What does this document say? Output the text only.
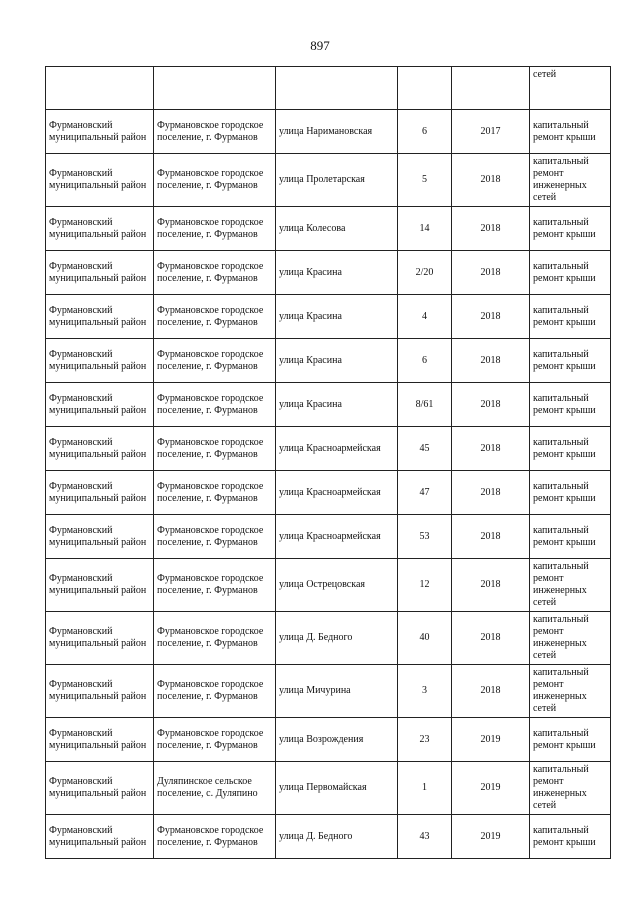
897
					сетей
Фурмановский муниципальный район	Фурмановское городское поселение, г. Фурманов	улица Наримановская	6	2017	капитальный ремонт крыши
Фурмановский муниципальный район	Фурмановское городское поселение, г. Фурманов	улица Пролетарская	5	2018	капитальный ремонт инженерных сетей
Фурмановский муниципальный район	Фурмановское городское поселение, г. Фурманов	улица Колесова	14	2018	капитальный ремонт крыши
Фурмановский муниципальный район	Фурмановское городское поселение, г. Фурманов	улица Красина	2/20	2018	капитальный ремонт крыши
Фурмановский муниципальный район	Фурмановское городское поселение, г. Фурманов	улица Красина	4	2018	капитальный ремонт крыши
Фурмановский муниципальный район	Фурмановское городское поселение, г. Фурманов	улица Красина	6	2018	капитальный ремонт крыши
Фурмановский муниципальный район	Фурмановское городское поселение, г. Фурманов	улица Красина	8/61	2018	капитальный ремонт крыши
Фурмановский муниципальный район	Фурмановское городское поселение, г. Фурманов	улица Красноармейская	45	2018	капитальный ремонт крыши
Фурмановский муниципальный район	Фурмановское городское поселение, г. Фурманов	улица Красноармейская	47	2018	капитальный ремонт крыши
Фурмановский муниципальный район	Фурмановское городское поселение, г. Фурманов	улица Красноармейская	53	2018	капитальный ремонт крыши
Фурмановский муниципальный район	Фурмановское городское поселение, г. Фурманов	улица Острецовская	12	2018	капитальный ремонт инженерных сетей
Фурмановский муниципальный район	Фурмановское городское поселение, г. Фурманов	улица Д. Бедного	40	2018	капитальный ремонт инженерных сетей
Фурмановский муниципальный район	Фурмановское городское поселение, г. Фурманов	улица Мичурина	3	2018	капитальный ремонт инженерных сетей
Фурмановский муниципальный район	Фурмановское городское поселение, г. Фурманов	улица Возрождения	23	2019	капитальный ремонт крыши
Фурмановский муниципальный район	Дуляпинское сельское поселение, с. Дуляпино	улица Первомайская	1	2019	капитальный ремонт инженерных сетей
Фурмановский муниципальный район	Фурмановское городское поселение, г. Фурманов	улица Д. Бедного	43	2019	капитальный ремонт крыши
